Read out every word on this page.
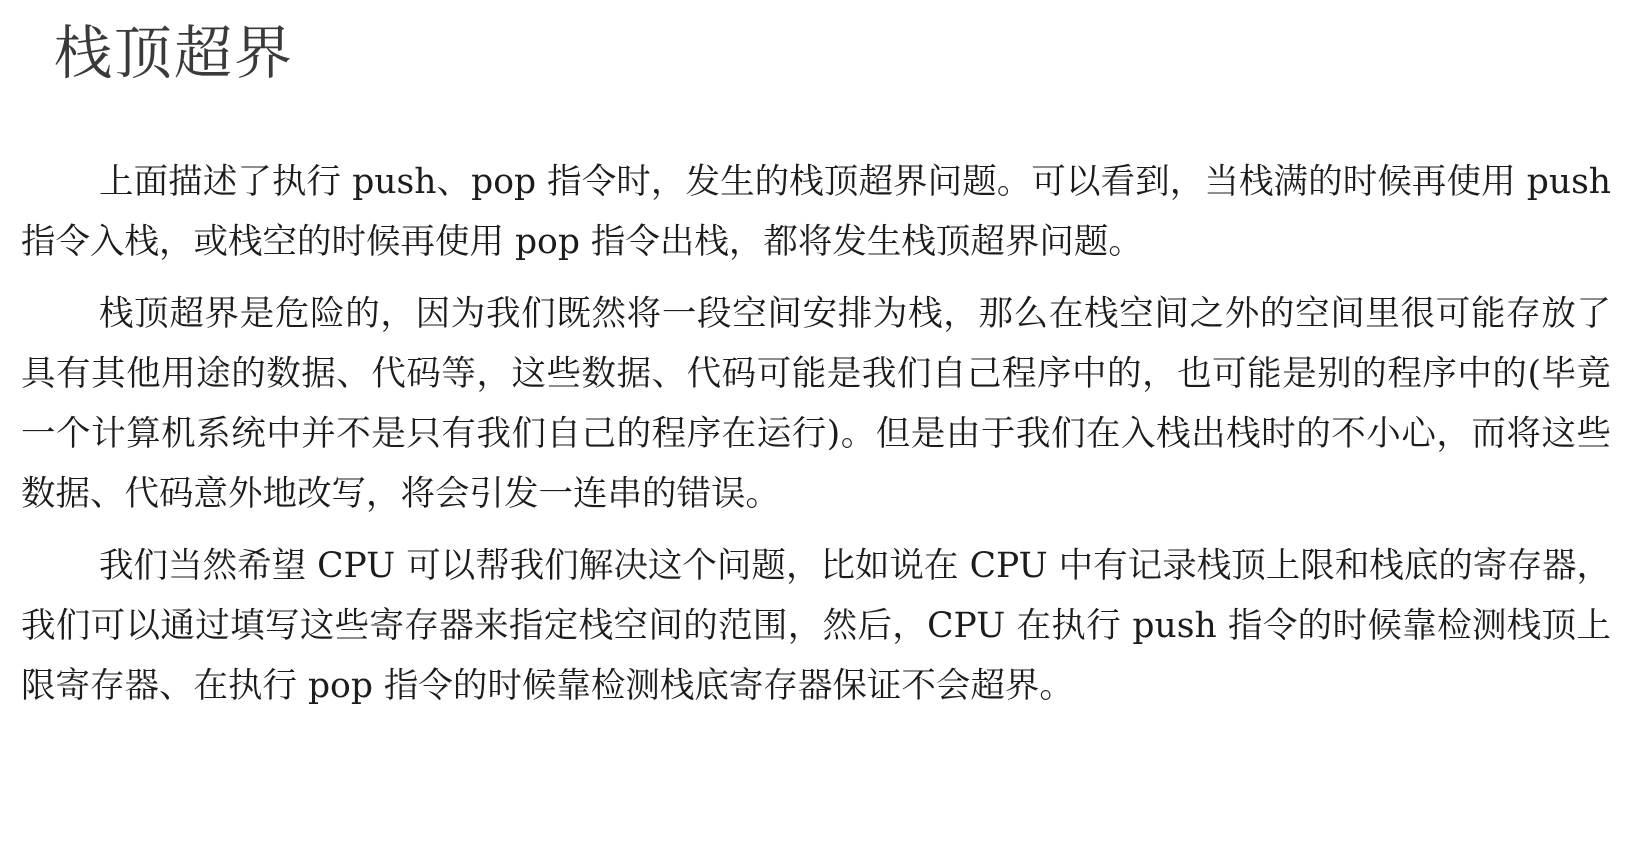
栈顶超界

上面描述了执行 push、pop 指令时，发生的栈顶超界问题。可以看到，当栈满的时候再使用 push 指令入栈，或栈空的时候再使用 pop 指令出栈，都将发生栈顶超界问题。

栈顶超界是危险的，因为我们既然将一段空间安排为栈，那么在栈空间之外的空间里很可能存放了具有其他用途的数据、代码等，这些数据、代码可能是我们自己程序中的，也可能是别的程序中的(毕竟一个计算机系统中并不是只有我们自己的程序在运行)。但是由于我们在入栈出栈时的不小心，而将这些数据、代码意外地改写，将会引发一连串的错误。

我们当然希望 CPU 可以帮我们解决这个问题，比如说在 CPU 中有记录栈顶上限和栈底的寄存器，我们可以通过填写这些寄存器来指定栈空间的范围，然后，CPU 在执行 push 指令的时候靠检测栈顶上限寄存器、在执行 pop 指令的时候靠检测栈底寄存器保证不会超界。
